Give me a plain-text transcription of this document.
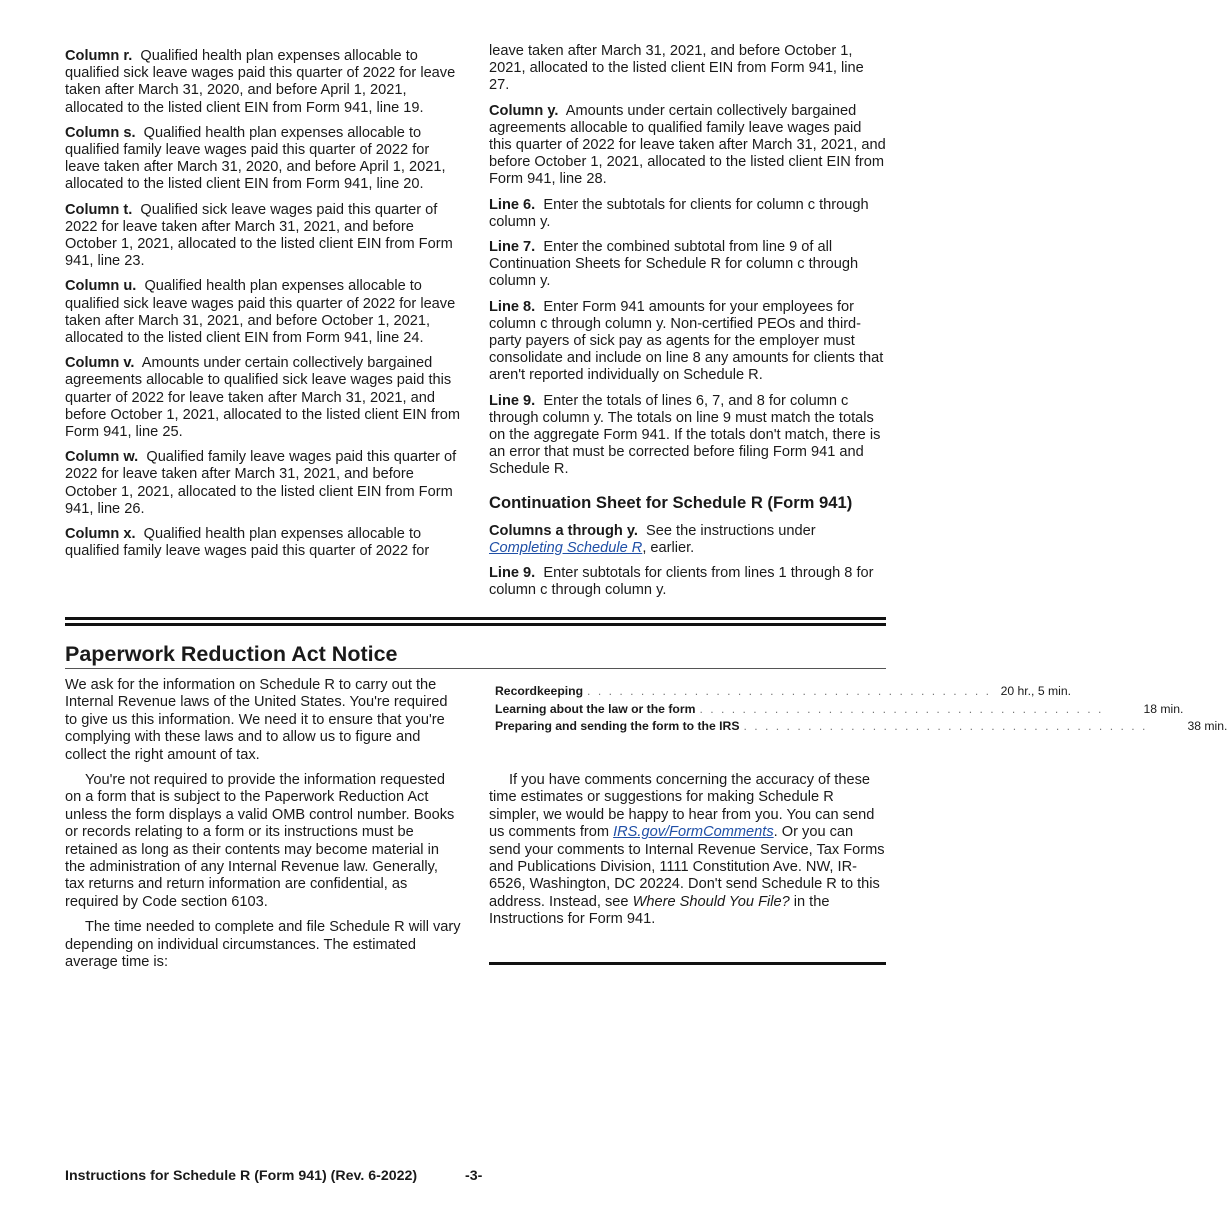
Column r. Qualified health plan expenses allocable to qualified sick leave wages paid this quarter of 2022 for leave taken after March 31, 2020, and before April 1, 2021, allocated to the listed client EIN from Form 941, line 19.

Column s. Qualified health plan expenses allocable to qualified family leave wages paid this quarter of 2022 for leave taken after March 31, 2020, and before April 1, 2021, allocated to the listed client EIN from Form 941, line 20.

Column t. Qualified sick leave wages paid this quarter of 2022 for leave taken after March 31, 2021, and before October 1, 2021, allocated to the listed client EIN from Form 941, line 23.

Column u. Qualified health plan expenses allocable to qualified sick leave wages paid this quarter of 2022 for leave taken after March 31, 2021, and before October 1, 2021, allocated to the listed client EIN from Form 941, line 24.

Column v. Amounts under certain collectively bargained agreements allocable to qualified sick leave wages paid this quarter of 2022 for leave taken after March 31, 2021, and before October 1, 2021, allocated to the listed client EIN from Form 941, line 25.

Column w. Qualified family leave wages paid this quarter of 2022 for leave taken after March 31, 2021, and before October 1, 2021, allocated to the listed client EIN from Form 941, line 26.

Column x. Qualified health plan expenses allocable to qualified family leave wages paid this quarter of 2022 for

leave taken after March 31, 2021, and before October 1, 2021, allocated to the listed client EIN from Form 941, line 27.

Column y. Amounts under certain collectively bargained agreements allocable to qualified family leave wages paid this quarter of 2022 for leave taken after March 31, 2021, and before October 1, 2021, allocated to the listed client EIN from Form 941, line 28.

Line 6. Enter the subtotals for clients for column c through column y.

Line 7. Enter the combined subtotal from line 9 of all Continuation Sheets for Schedule R for column c through column y.

Line 8. Enter Form 941 amounts for your employees for column c through column y. Non-certified PEOs and third-party payers of sick pay as agents for the employer must consolidate and include on line 8 any amounts for clients that aren't reported individually on Schedule R.

Line 9. Enter the totals of lines 6, 7, and 8 for column c through column y. The totals on line 9 must match the totals on the aggregate Form 941. If the totals don't match, there is an error that must be corrected before filing Form 941 and Schedule R.

Continuation Sheet for Schedule R (Form 941)

Columns a through y. See the instructions under Completing Schedule R, earlier.

Line 9. Enter subtotals for clients from lines 1 through 8 for column c through column y.

Paperwork Reduction Act Notice

We ask for the information on Schedule R to carry out the Internal Revenue laws of the United States. You're required to give us this information. We need it to ensure that you're complying with these laws and to allow us to figure and collect the right amount of tax.

You're not required to provide the information requested on a form that is subject to the Paperwork Reduction Act unless the form displays a valid OMB control number. Books or records relating to a form or its instructions must be retained as long as their contents may become material in the administration of any Internal Revenue law. Generally, tax returns and return information are confidential, as required by Code section 6103.

The time needed to complete and file Schedule R will vary depending on individual circumstances. The estimated average time is:

Recordkeeping . . . . . . . . . . . . . . . . . . . . . . . . . . . . . . . . . . . . . . 20 hr., 5 min.
Learning about the law or the form . . . . . . . . . . . . . . . . . . . . . . . . . . . . . . . . . . . . . .	18 min.
Preparing and sending the form to the IRS . . . . . . . . . . . . . . . . . . . . . . . . . . . . . . . . . . . . . .	38 min.

If you have comments concerning the accuracy of these time estimates or suggestions for making Schedule R simpler, we would be happy to hear from you. You can send us comments from IRS.gov/FormComments. Or you can send your comments to Internal Revenue Service, Tax Forms and Publications Division, 1111 Constitution Ave. NW, IR-6526, Washington, DC 20224. Don't send Schedule R to this address. Instead, see Where Should You File? in the Instructions for Form 941.

Instructions for Schedule R (Form 941) (Rev. 6-2022)	-3-
